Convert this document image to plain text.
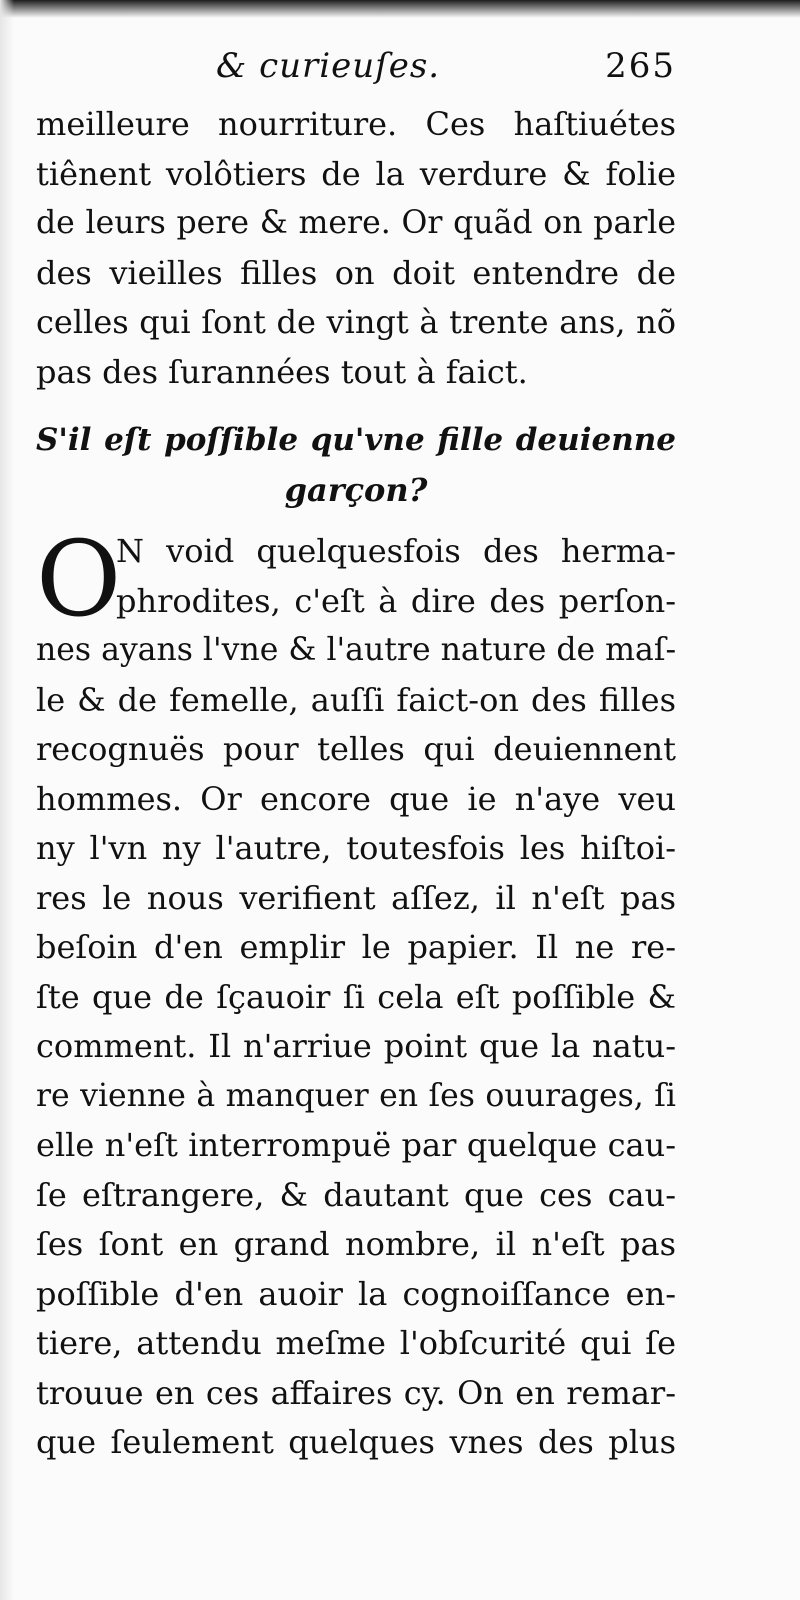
& curieuſes.	265
meilleure nourriture. Ces haſtiuétes
tiênent volôtiers de la verdure & folie
de leurs pere & mere. Or quãd on parle
des vieilles filles on doit entendre de
celles qui ſont de vingt à trente ans, nõ
pas des ſurannées tout à faict.
S'il eſt poſſible qu'vne fille deuienne
garçon?
O
N void quelquesfois des herma-
phrodites, c'eſt à dire des perſon-
nes ayans l'vne & l'autre nature de maſ-
le & de femelle, auſſi faict-on des filles
recognuës pour telles qui deuiennent
hommes. Or encore que ie n'aye veu
ny l'vn ny l'autre, toutesfois les hiſtoi-
res le nous verifient aſſez, il n'eſt pas
beſoin d'en emplir le papier. Il ne re-
ſte que de ſçauoir ſi cela eſt poſſible &
comment. Il n'arriue point que la natu-
re vienne à manquer en ſes ouurages, ſi
elle n'eſt interrompuë par quelque cau-
ſe eſtrangere, & dautant que ces cau-
ſes ſont en grand nombre, il n'eſt pas
poſſible d'en auoir la cognoiſſance en-
tiere, attendu meſme l'obſcurité qui ſe
trouue en ces affaires cy. On en remar-
que ſeulement quelques vnes des plus
